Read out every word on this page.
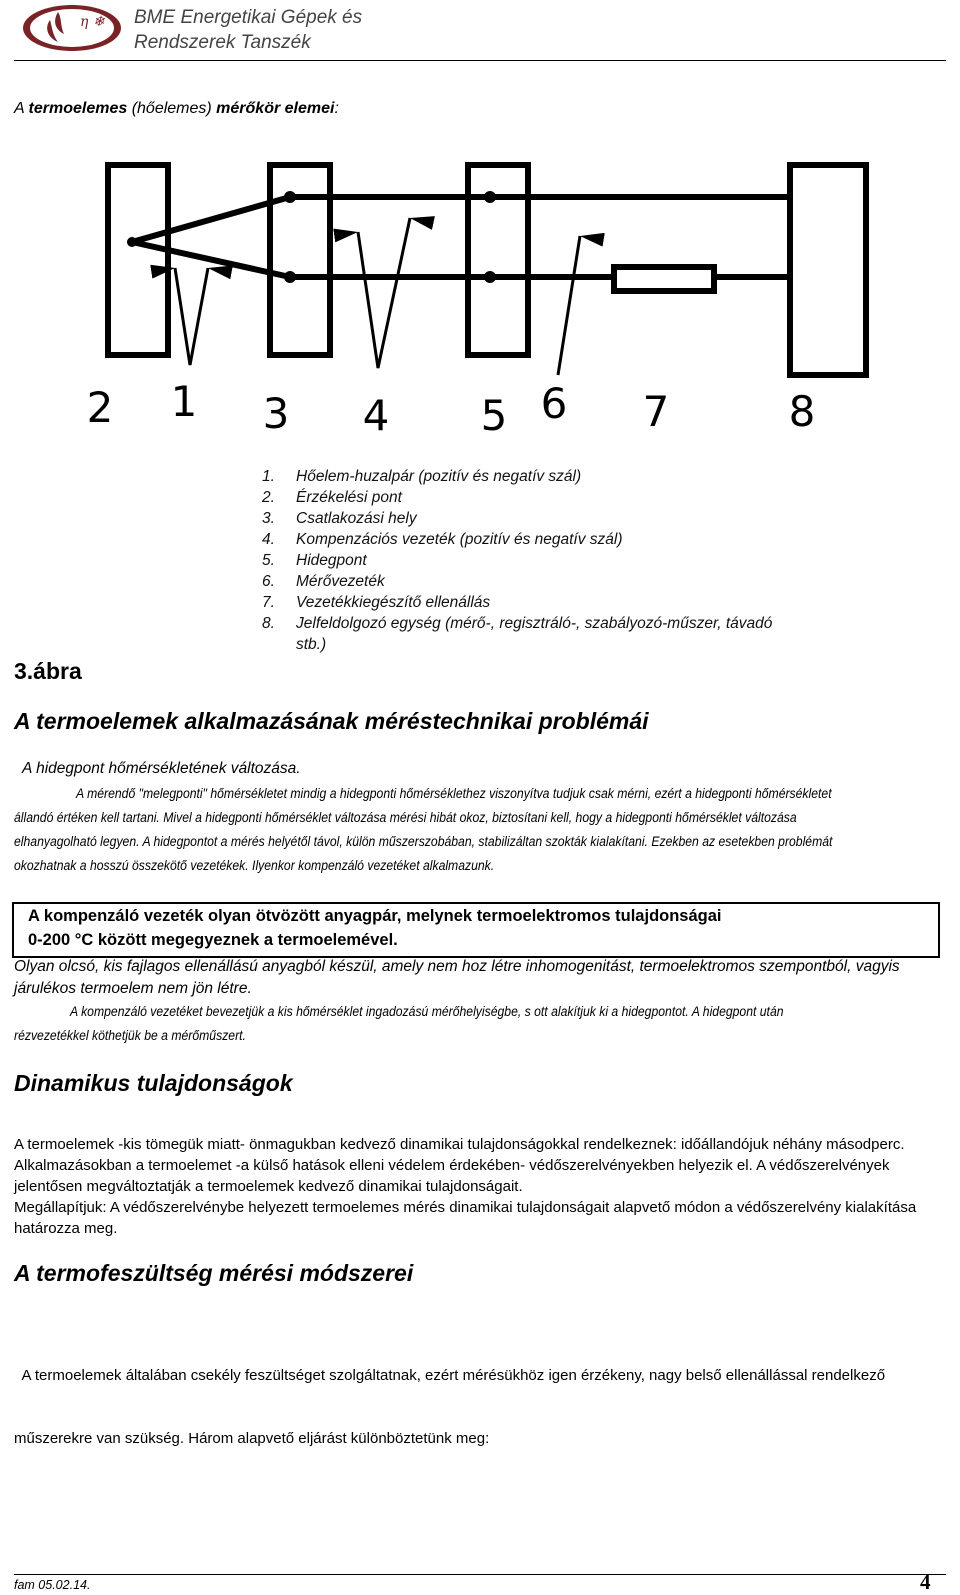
η ❄ BME Energetikai Gépek és
Rendszerek Tanszék
A termoelemes (hőelemes) mérőkör elemei:
2 1 3 4 5 6 7	8
1.	Hőelem-huzalpár (pozitív és negatív szál)
2.	Érzékelési pont
3.	Csatlakozási hely
4.	Kompenzációs vezeték (pozitív és negatív szál)
5.	Hidegpont
6.	Mérővezeték
7.	Vezetékkiegészítő ellenállás
8.	Jelfeldolgozó egység (mérő-, regisztráló-, szabályozó-műszer, távadó
stb.)
3.ábra
A termoelemek alkalmazásának méréstechnikai problémái
A hidegpont hőmérsékletének változása.
A mérendő "melegponti" hőmérsékletet mindig a hidegponti hőmérséklethez viszonyítva tudjuk csak mérni, ezért a hidegponti hőmérsékletet
állandó értéken kell tartani. Mivel a hidegponti hőmérséklet változása mérési hibát okoz, biztosítani kell, hogy a hidegponti hőmérséklet változása
elhanyagolható legyen. A hidegpontot a mérés helyétől távol, külön műszerszobában, stabilizáltan szokták kialakítani. Ezekben az esetekben problémát
okozhatnak a hosszú összekötő vezetékek. Ilyenkor kompenzáló vezetéket alkalmazunk.
A kompenzáló vezeték olyan ötvözött anyagpár, melynek termoelektromos tulajdonságai
0-200 °C között megegyeznek a termoelemével.
Olyan olcsó, kis fajlagos ellenállású anyagból készül, amely nem hoz létre inhomogenitást, termoelektromos szempontból, vagyis
járulékos termoelem nem jön létre.
A kompenzáló vezetéket bevezetjük a kis hőmérséklet ingadozású mérőhelyiségbe, s ott alakítjuk ki a hidegpontot. A hidegpont után
rézvezetékkel köthetjük be a mérőműszert.
Dinamikus tulajdonságok
A termoelemek -kis tömegük miatt- önmagukban kedvező dinamikai tulajdonságokkal rendelkeznek: időállandójuk néhány másodperc.
Alkalmazásokban a termoelemet -a külső hatások elleni védelem érdekében- védőszerelvényekben helyezik el. A védőszerelvények
jelentősen megváltoztatják a termoelemek kedvező dinamikai tulajdonságait.
Megállapítjuk: A védőszerelvénybe helyezett termoelemes mérés dinamikai tulajdonságait alapvető módon a védőszerelvény kialakítása
határozza meg.
A termofeszültség mérési módszerei

A termoelemek általában csekély feszültséget szolgáltatnak, ezért mérésükhöz igen érzékeny, nagy belső ellenállással rendelkező

műszerekre van szükség. Három alapvető eljárást különböztetünk meg:

fam 05.02.14.	4
